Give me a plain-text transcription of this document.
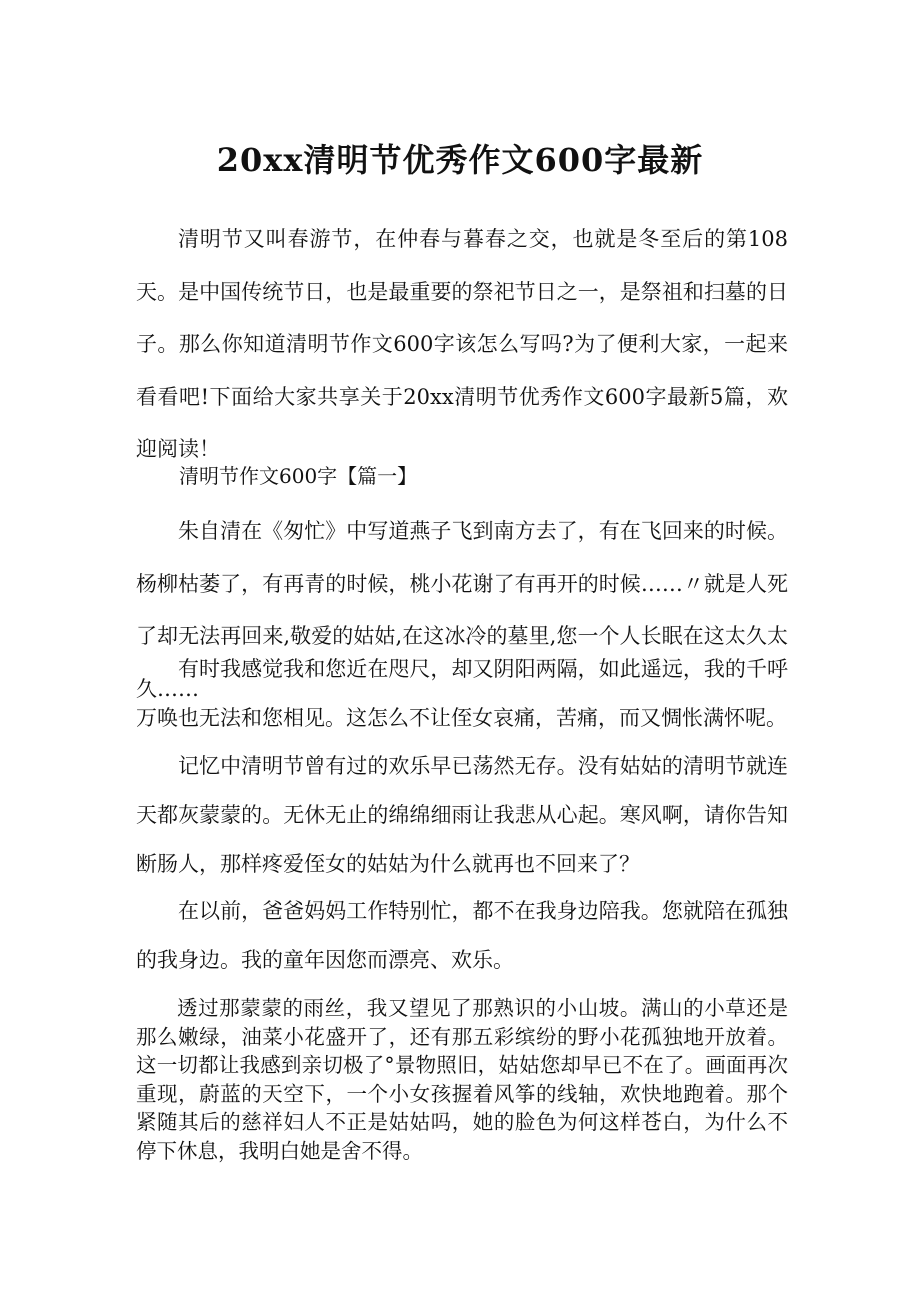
20xx清明节优秀作文600字最新

清明节又叫春游节，在仲春与暮春之交，也就是冬至后的第108天。是中国传统节日，也是最重要的祭祀节日之一，是祭祖和扫墓的日子。那么你知道清明节作文600字该怎么写吗?为了便利大家，一起来看看吧!下面给大家共享关于20xx清明节优秀作文600字最新5篇，欢迎阅读！

清明节作文600字【篇一】

朱自清在《匆忙》中写道燕子飞到南方去了，有在飞回来的时候。杨柳枯萎了，有再青的时候，桃小花谢了有再开的时候……〃就是人死了却无法再回来,敬爱的姑姑,在这冰冷的墓里,您一个人长眠在这太久太久……

有时我感觉我和您近在咫尺，却又阴阳两隔，如此遥远，我的千呼万唤也无法和您相见。这怎么不让侄女哀痛，苦痛，而又惆怅满怀呢。

记忆中清明节曾有过的欢乐早已荡然无存。没有姑姑的清明节就连天都灰蒙蒙的。无休无止的绵绵细雨让我悲从心起。寒风啊，请你告知断肠人，那样疼爱侄女的姑姑为什么就再也不回来了？

在以前，爸爸妈妈工作特别忙，都不在我身边陪我。您就陪在孤独的我身边。我的童年因您而漂亮、欢乐。

透过那蒙蒙的雨丝，我又望见了那熟识的小山坡。满山的小草还是那么嫩绿，油菜小花盛开了，还有那五彩缤纷的野小花孤独地开放着。这一切都让我感到亲切极了°景物照旧，姑姑您却早已不在了。画面再次重现，蔚蓝的天空下，一个小女孩握着风筝的线轴，欢快地跑着。那个紧随其后的慈祥妇人不正是姑姑吗，她的脸色为何这样苍白，为什么不停下休息，我明白她是舍不得。
